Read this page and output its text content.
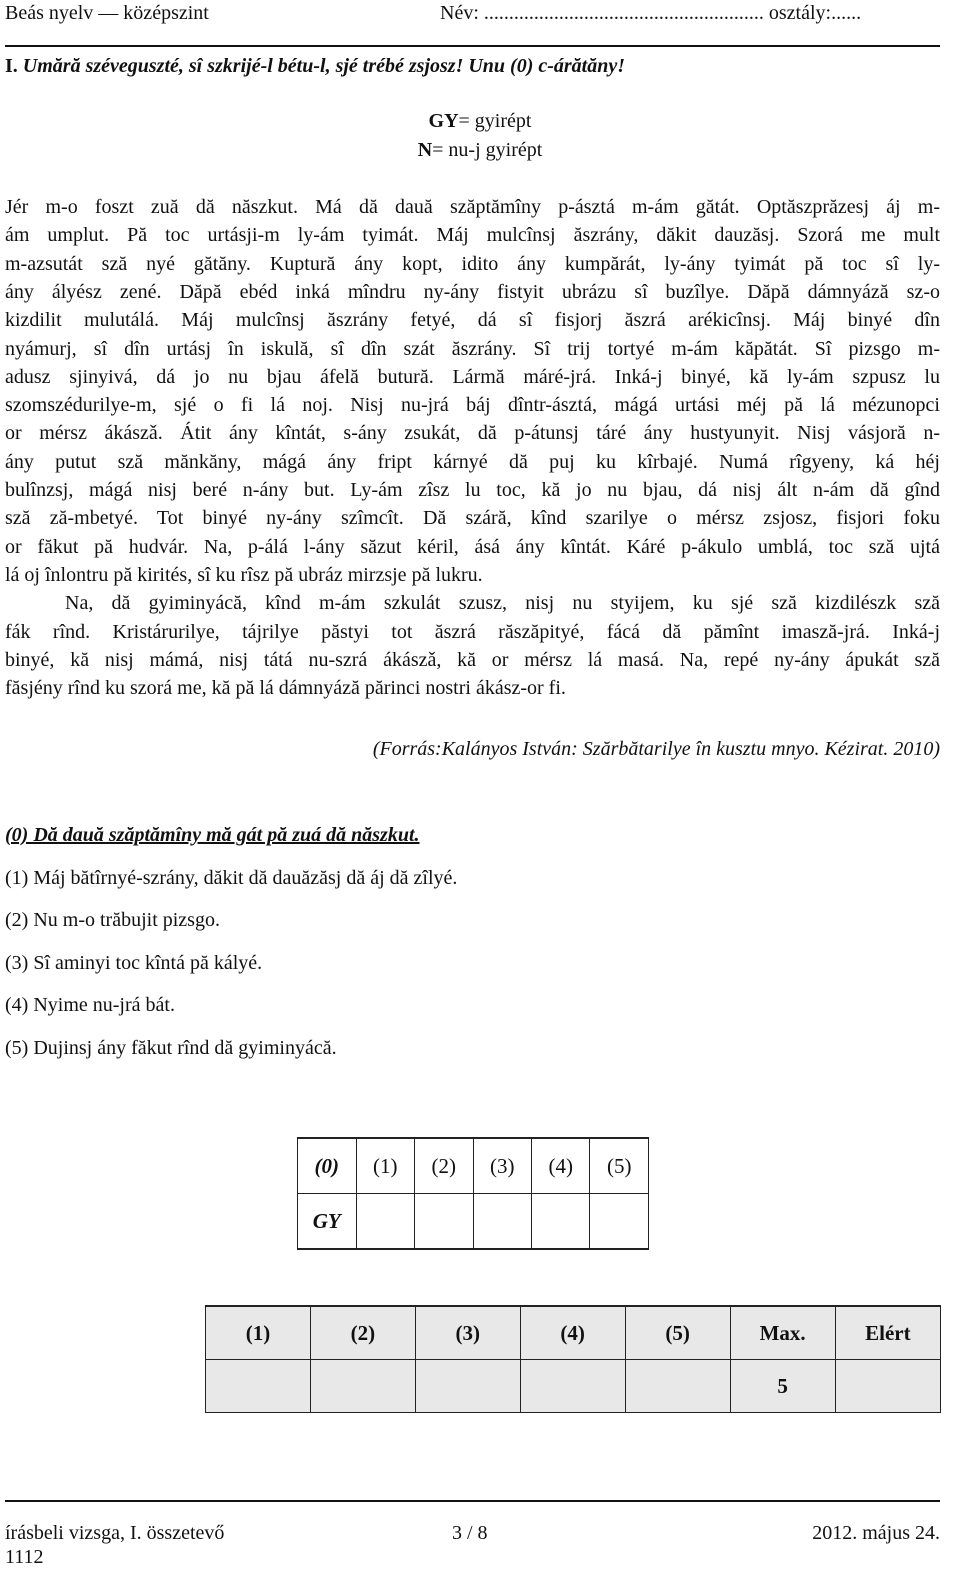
Beás nyelv — középszint	Név: ........................................................ osztály:......
I. Umără széveguszté, sî szkrijé-l bétu-l, sjé trébé zsjosz! Unu (0) c-árătăny!
GY= gyirépt
N= nu-j gyirépt
Jér m-o foszt zuă dă năszkut. Má dă dauă szăptămîny p-ásztá m-ám gătát. Optăszprăzesj áj m-
ám umplut. Pă toc urtásji-m ly-ám tyimát. Máj mulcînsj ăszrány, dăkit dauzăsj. Szorá me mult
m-azsutát sză nyé gătăny. Kuptură ány kopt, idito ány kumpărát, ly-ány tyimát pă toc sî ly-
ány ályész zené. Dăpă ebéd inká mîndru ny-ány fistyit ubrázu sî buzîlye. Dăpă dámnyáză sz-o
kizdilit mulutálá. Máj mulcînsj ăszrány fetyé, dá sî fisjorj ăszrá arékicînsj. Máj binyé dîn
nyámurj, sî dîn urtásj în iskulă, sî dîn szát ăszrány. Sî trij tortyé m-ám kăpătát. Sî pizsgo m-
adusz sjinyivá, dá jo nu bjau áfelă butură. Lármă máré-jrá. Inká-j binyé, kă ly-ám szpusz lu
szomszédurilye-m, sjé o fi lá noj. Nisj nu-jrá báj dîntr-ásztá, mágá urtási méj pă lá mézunopci
or mérsz ákászǎ. Átit ány kîntát, s-ány zsukát, dă p-átunsj táré ány hustyunyit. Nisj vásjoră n-
ány putut sză mănkăny, mágá ány fript kárnyé dă puj ku kîrbajé. Numá rîgyeny, ká héj
bulînzsj, mágá nisj beré n-ány but. Ly-ám zîsz lu toc, kă jo nu bjau, dá nisj ált n-ám dă gînd
sză ză-mbetyé. Tot binyé ny-ány szîmcît. Dă száră, kînd szarilye o mérsz zsjosz, fisjori foku
or făkut pă hudvár. Na, p-álá l-ány săzut kéril, ásá ány kîntát. Káré p-ákulo umblá, toc sză ujtá
lá oj înlontru pă kirités, sî ku rîsz pă ubráz mirzsje pă lukru.
Na, dă gyiminyácă, kînd m-ám szkulát szusz, nisj nu styijem, ku sjé sză kizdilészk sză
fák rînd. Kristárurilye, tájrilye păstyi tot ăszrá răszăpityé, fácá dă pămînt imasză-jrá. Inká-j
binyé, kă nisj mámá, nisj tátá nu-szrá ákászǎ, kă or mérsz lá masá. Na, repé ny-ány ápukát sză
făsjény rînd ku szorá me, kă pă lá dámnyáză părinci nostri ákász-or fi.
(Forrás:Kalányos István: Szărbătarilye în kusztu mnyo. Kézirat. 2010)
(0) Dă dauă szăptămîny mă gát pă zuá dă năszkut.
(1) Máj bătîrnyé-szrány, dăkit dă dauăzăsj dă áj dă zîlyé.
(2) Nu m-o trăbujit pizsgo.
(3) Sî aminyi toc kîntá pă kályé.
(4) Nyime nu-jrá bát.
(5) Dujinsj ány făkut rînd dă gyiminyácă.
(0)	(1)	(2)	(3)	(4)	(5)
GY					
(1)	(2)	(3)	(4)	(5)	Max.	Elért
					5	
írásbeli vizsga, I. összetevő
1112
3 / 8	2012. május 24.
